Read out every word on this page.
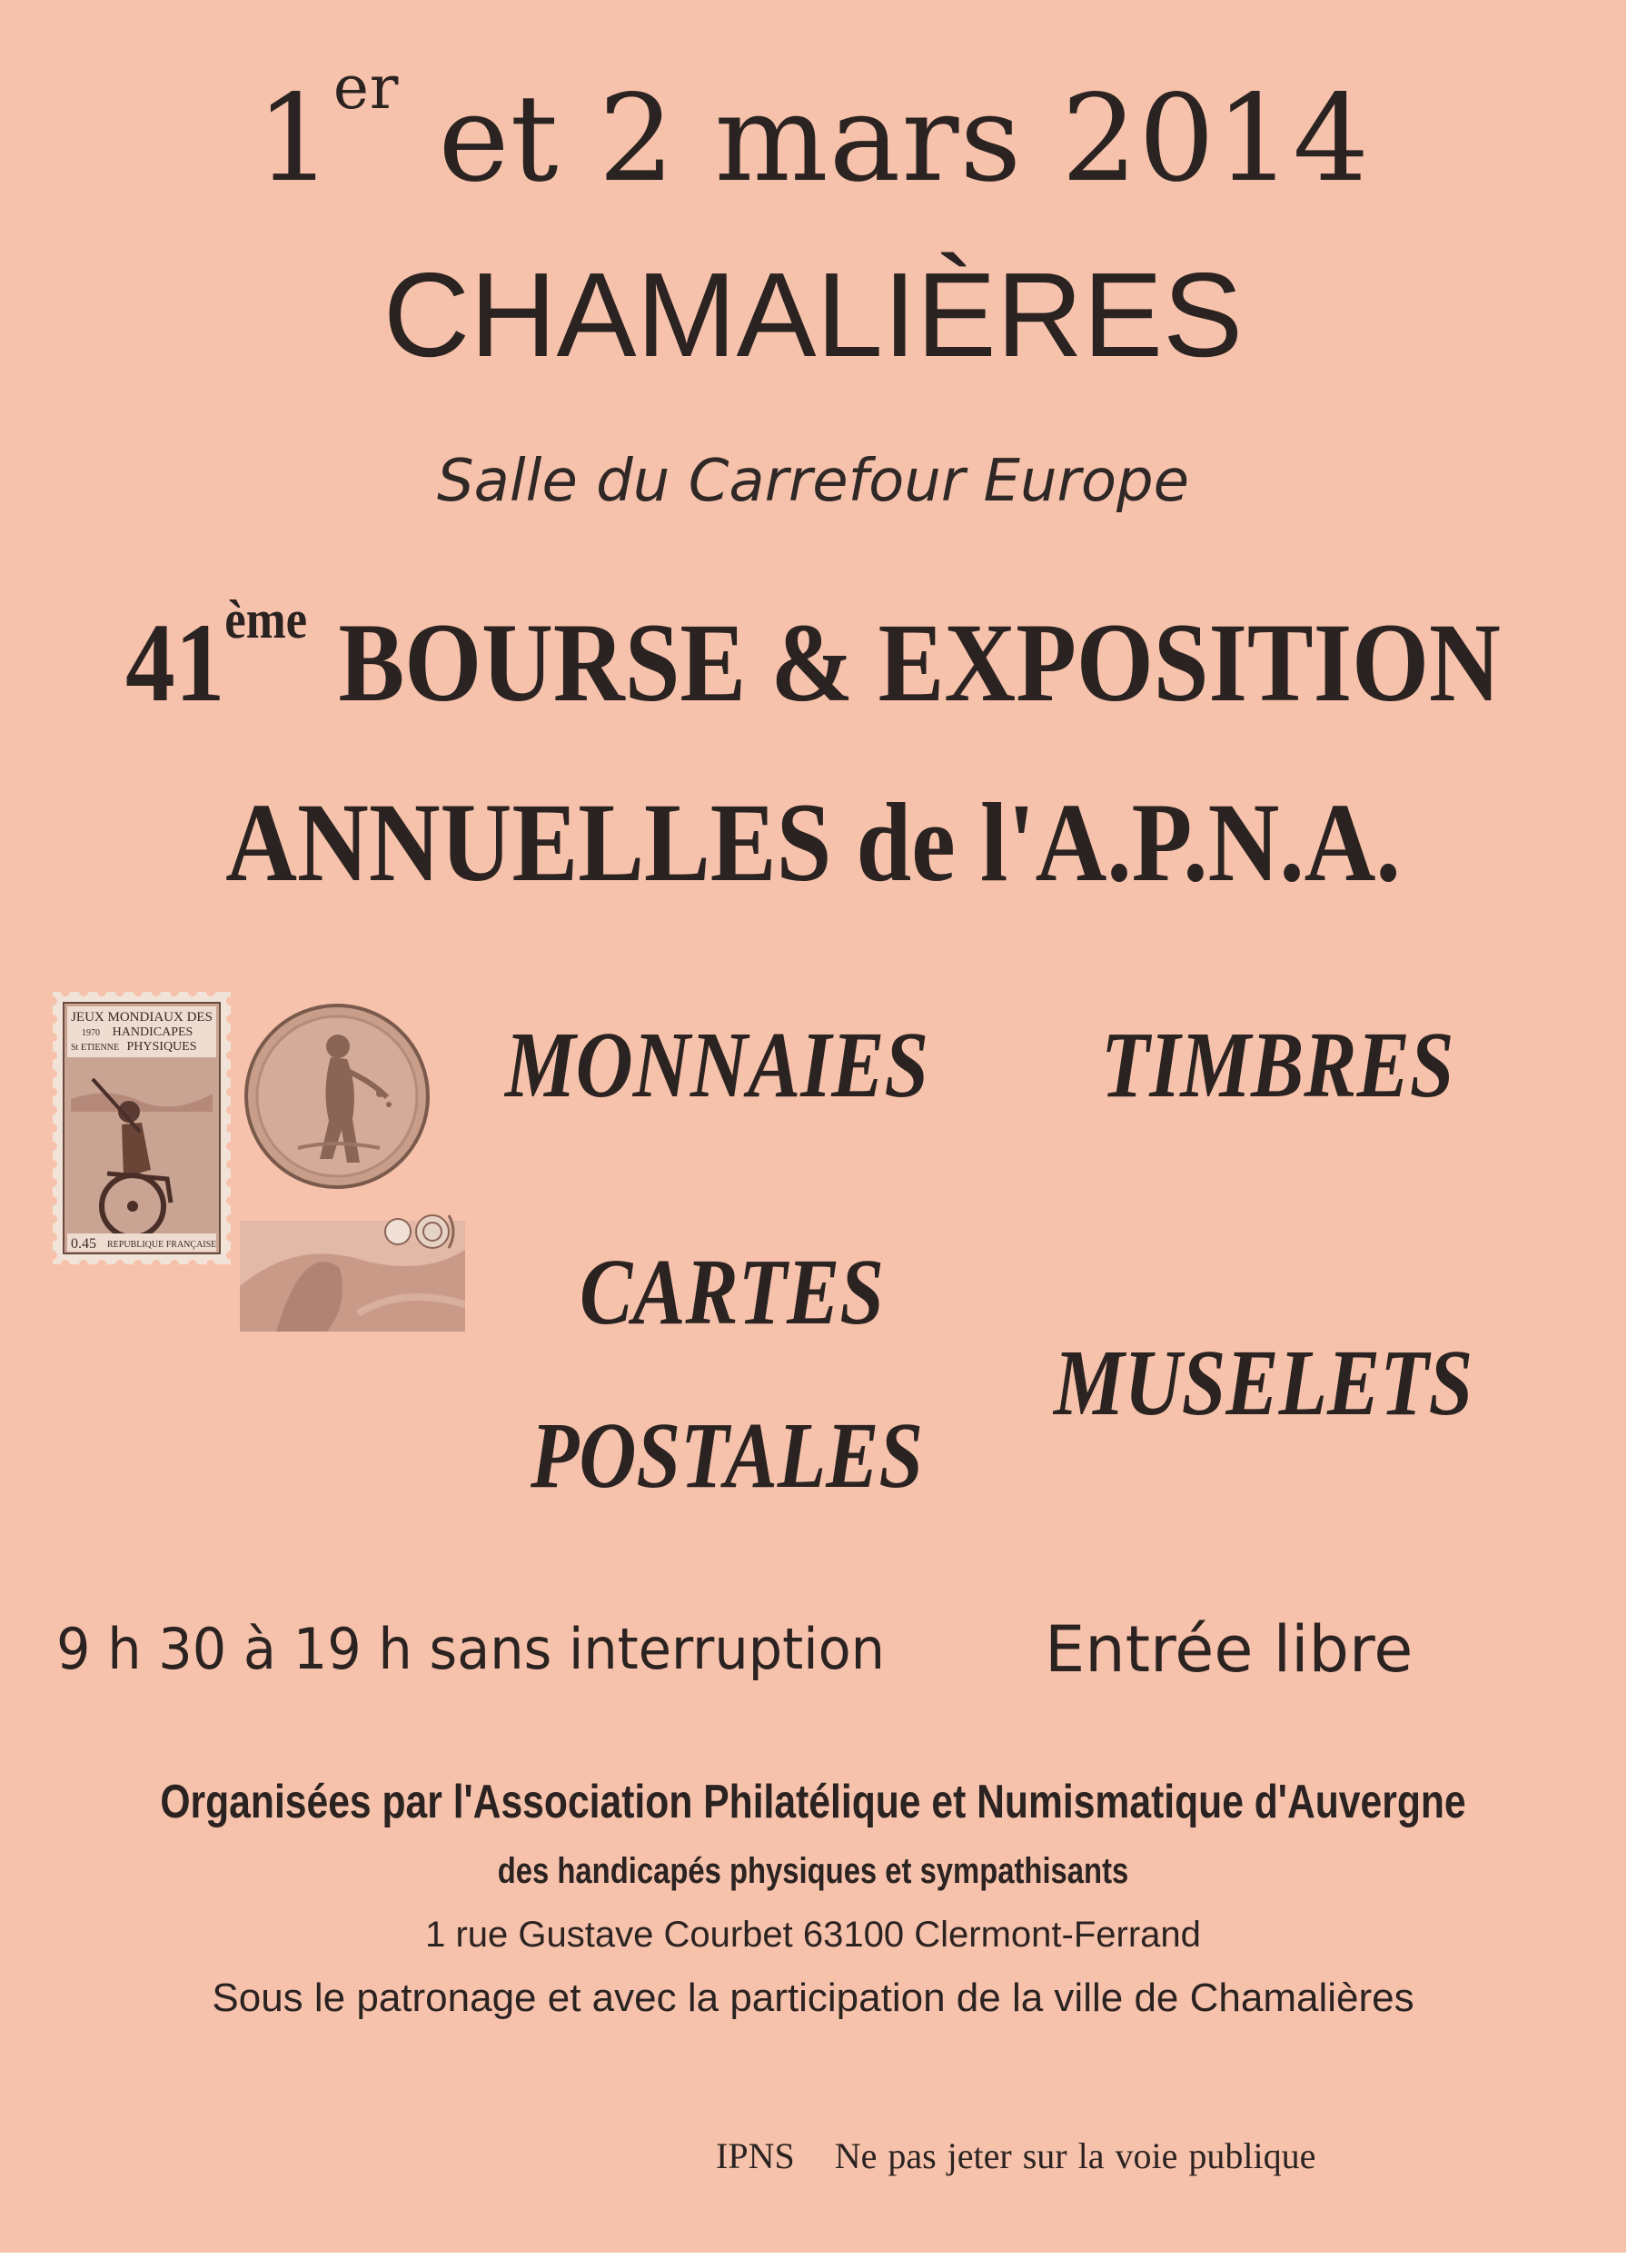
1er et 2 mars 2014
CHAMALIÈRES
Salle du Carrefour Europe
41ème BOURSE & EXPOSITION
ANNUELLES de l'A.P.N.A.
JEUX MONDIAUX DES
1970 HANDICAPES
St ETIENNE PHYSIQUES
0.45 REPUBLIQUE FRANÇAISE
MONNAIES TIMBRES
CARTES
POSTALES
MUSELETS
9 h 30 à 19 h sans interruption	Entrée libre
Organisées par l'Association Philatélique et Numismatique d'Auvergne
des handicapés physiques et sympathisants
1 rue Gustave Courbet 63100 Clermont-Ferrand
Sous le patronage et avec la participation de la ville de Chamalières
IPNS Ne pas jeter sur la voie publique
